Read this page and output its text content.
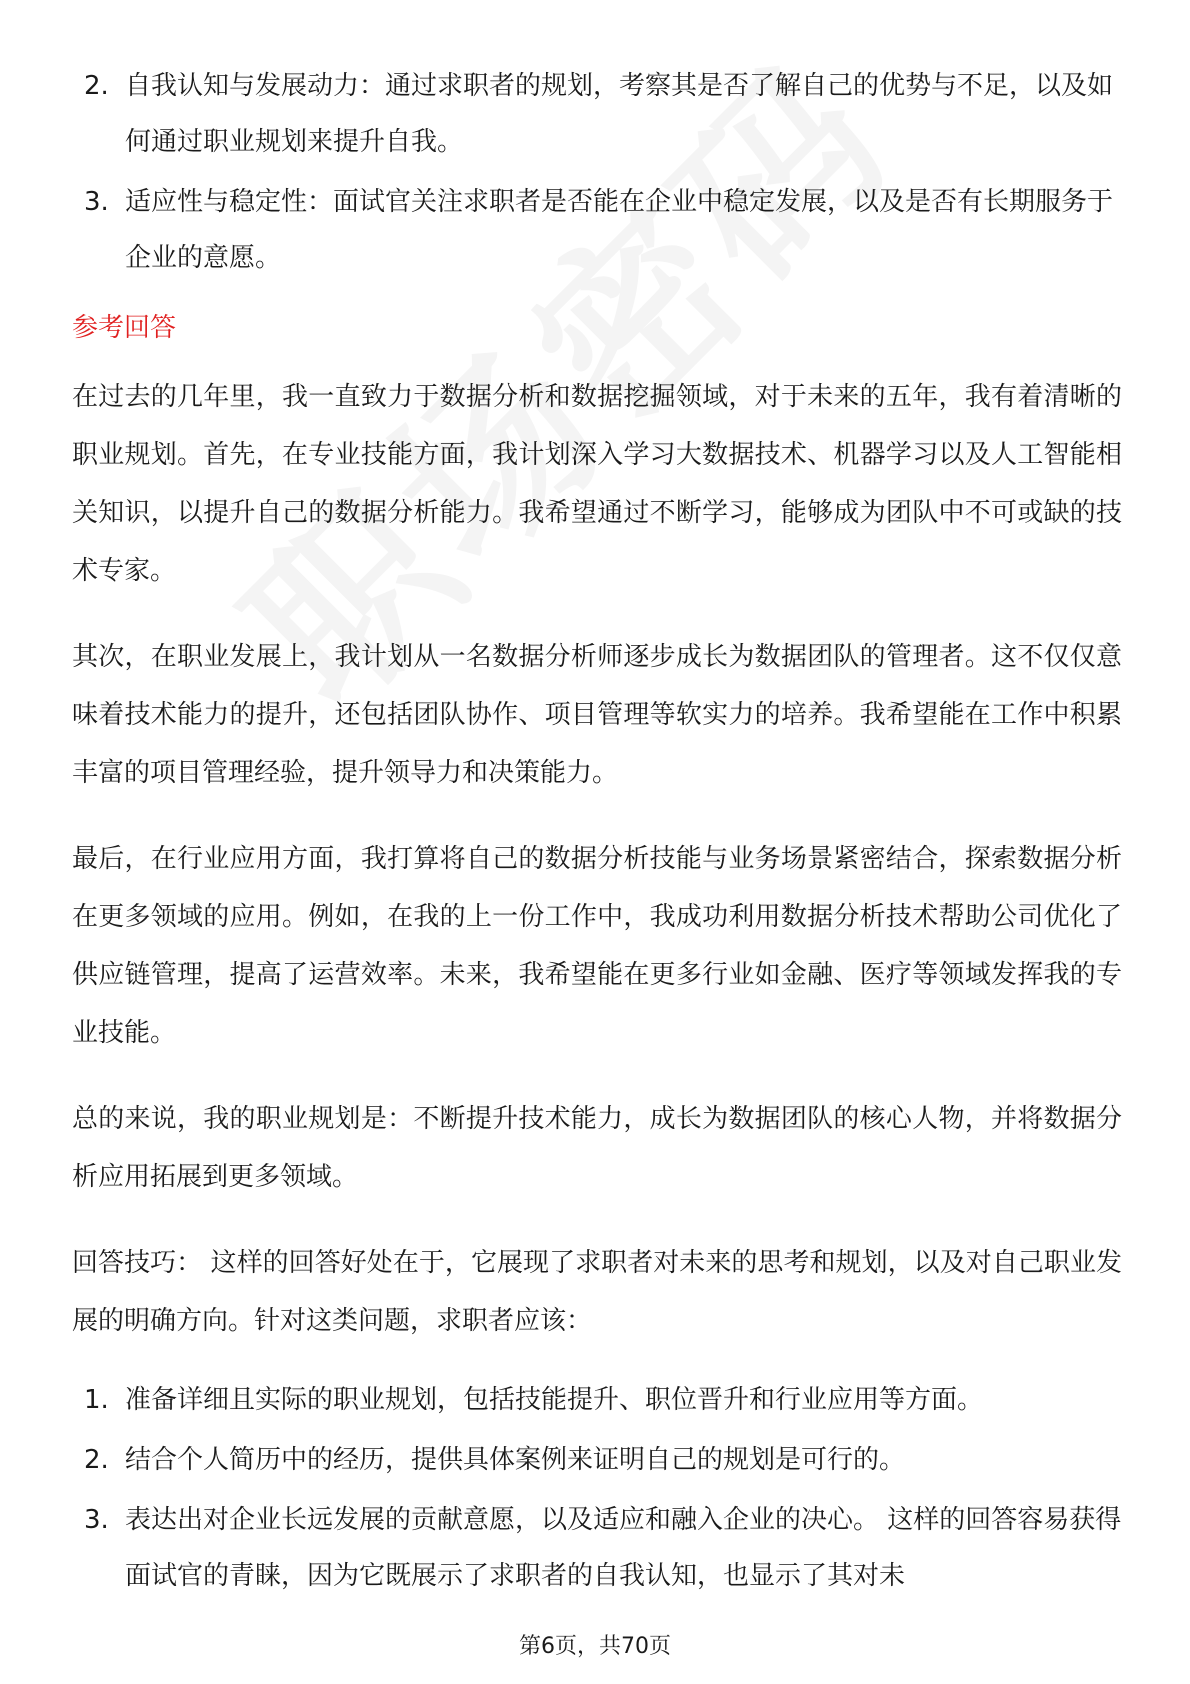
2. 自我认知与发展动力：通过求职者的规划，考察其是否了解自己的优势与不足，以及如何通过职业规划来提升自我。
3. 适应性与稳定性：面试官关注求职者是否能在企业中稳定发展，以及是否有长期服务于企业的意愿。
参考回答

在过去的几年里，我一直致力于数据分析和数据挖掘领域，对于未来的五年，我有着清晰的职业规划。首先，在专业技能方面，我计划深入学习大数据技术、机器学习以及人工智能相关知识，以提升自己的数据分析能力。我希望通过不断学习，能够成为团队中不可或缺的技术专家。

其次，在职业发展上，我计划从一名数据分析师逐步成长为数据团队的管理者。这不仅仅意味着技术能力的提升，还包括团队协作、项目管理等软实力的培养。我希望能在工作中积累丰富的项目管理经验，提升领导力和决策能力。

最后，在行业应用方面，我打算将自己的数据分析技能与业务场景紧密结合，探索数据分析在更多领域的应用。例如，在我的上一份工作中，我成功利用数据分析技术帮助公司优化了供应链管理，提高了运营效率。未来，我希望能在更多行业如金融、医疗等领域发挥我的专业技能。

总的来说，我的职业规划是：不断提升技术能力，成长为数据团队的核心人物，并将数据分析应用拓展到更多领域。

回答技巧： 这样的回答好处在于，它展现了求职者对未来的思考和规划，以及对自己职业发展的明确方向。针对这类问题，求职者应该：

1. 准备详细且实际的职业规划，包括技能提升、职位晋升和行业应用等方面。
2. 结合个人简历中的经历，提供具体案例来证明自己的规划是可行的。
3. 表达出对企业长远发展的贡献意愿，以及适应和融入企业的决心。 这样的回答容易获得面试官的青睐，因为它既展示了求职者的自我认知，也显示了其对未
第6页，共70页
